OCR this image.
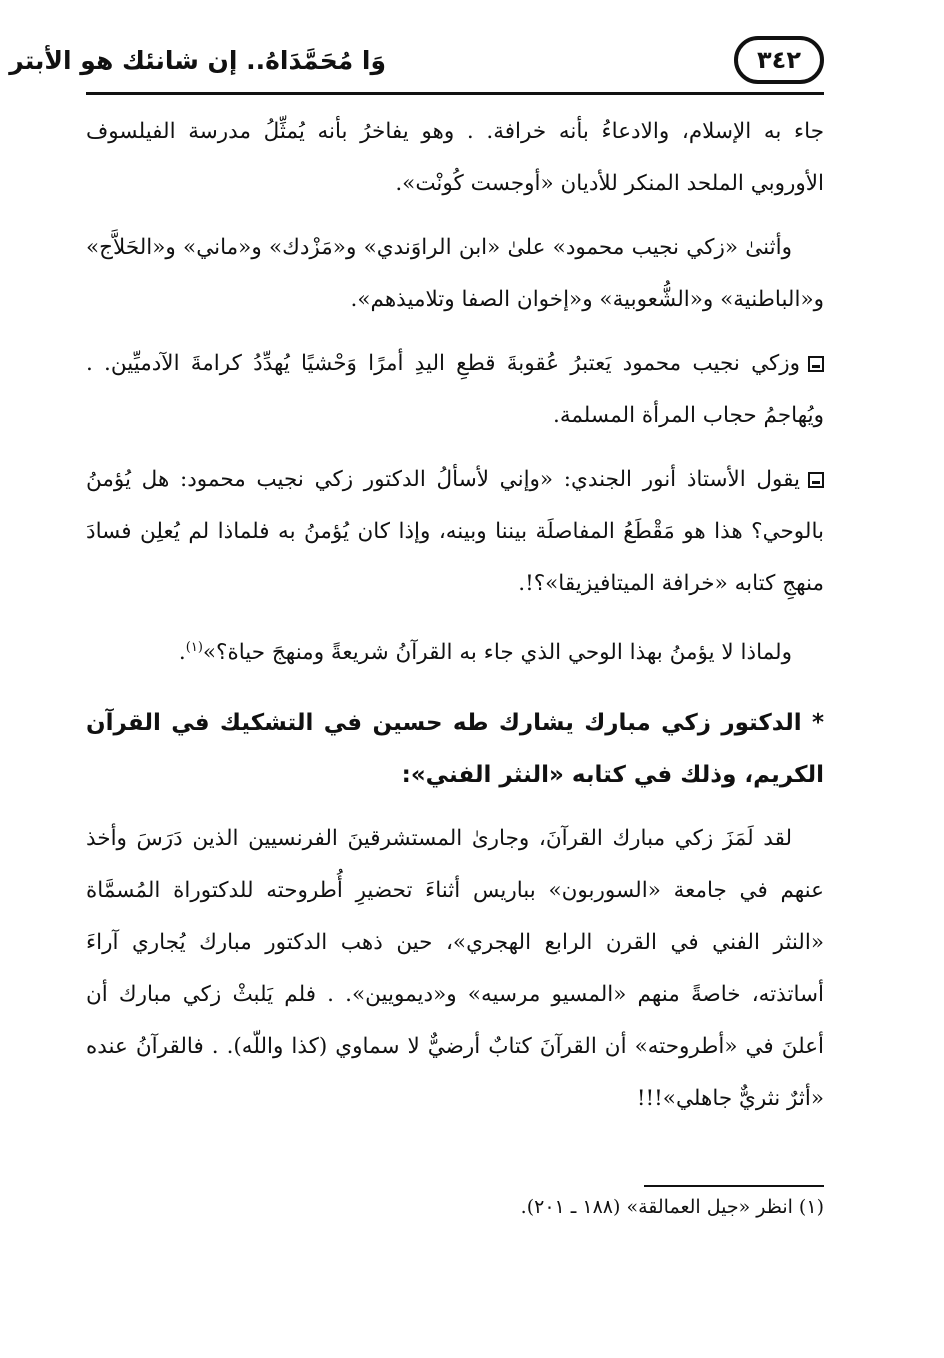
وَا مُحَمَّدَاهُ.. إن شانئك هو الأبتر	٣٤٢

جاء به الإسلام، والادعاءُ بأنه خرافة. . وهو يفاخرُ بأنه يُمثِّلُ مدرسة الفيلسوف الأوروبي الملحد المنكر للأديان «أوجست كُونْت».

وأثنىٰ «زكي نجيب محمود» علىٰ «ابن الراوَندي» و«مَزْدك» و«ماني» و«الحَلاَّج» و«الباطنية» و«الشُّعوبية» و«إخوان الصفا وتلاميذهم».

وزكي نجيب محمود يَعتبرُ عُقوبةَ قطعِ اليدِ أمرًا وَحْشيًا يُهدِّدُ كرامةَ الآدميِّين. . ويُهاجمُ حجاب المرأة المسلمة.

يقول الأستاذ أنور الجندي: «وإني لأسألُ الدكتور زكي نجيب محمود: هل يُؤمنُ بالوحي؟ هذا هو مَقْطَعُ المفاصلَة بيننا وبينه، وإذا كان يُؤمنُ به فلماذا لم يُعلِن فسادَ منهجِ كتابه «خرافة الميتافيزيقا»؟!.

ولماذا لا يؤمنُ بهذا الوحي الذي جاء به القرآنُ شريعةً ومنهجَ حياة؟»$^{(١)}$.

* الدكتور زكي مبارك يشارك طه حسين في التشكيك في القرآن الكريم، وذلك في كتابه «النثر الفني»:

لقد لَمَزَ زكي مبارك القرآنَ، وجارىٰ المستشرقينَ الفرنسيين الذين دَرَسَ وأخذ عنهم في جامعة «السوربون» بباريس أثناءَ تحضيرِ أُطروحته للدكتوراة المُسمَّاة «النثر الفني في القرن الرابع الهجري»، حين ذهب الدكتور مبارك يُجاري آراءَ أساتذته، خاصةً منهم «المسيو مرسيه» و«ديمويين». . فلم يَلبثْ زكي مبارك أن أعلنَ في «أطروحته» أن القرآنَ كتابٌ أرضيٌّ لا سماوي (كذا واللّه). . فالقرآنُ عنده «أثرٌ نثريٌّ جاهلي»!!!

(١) انظر «جيل العمالقة» (١٨٨ ـ ٢٠١).
